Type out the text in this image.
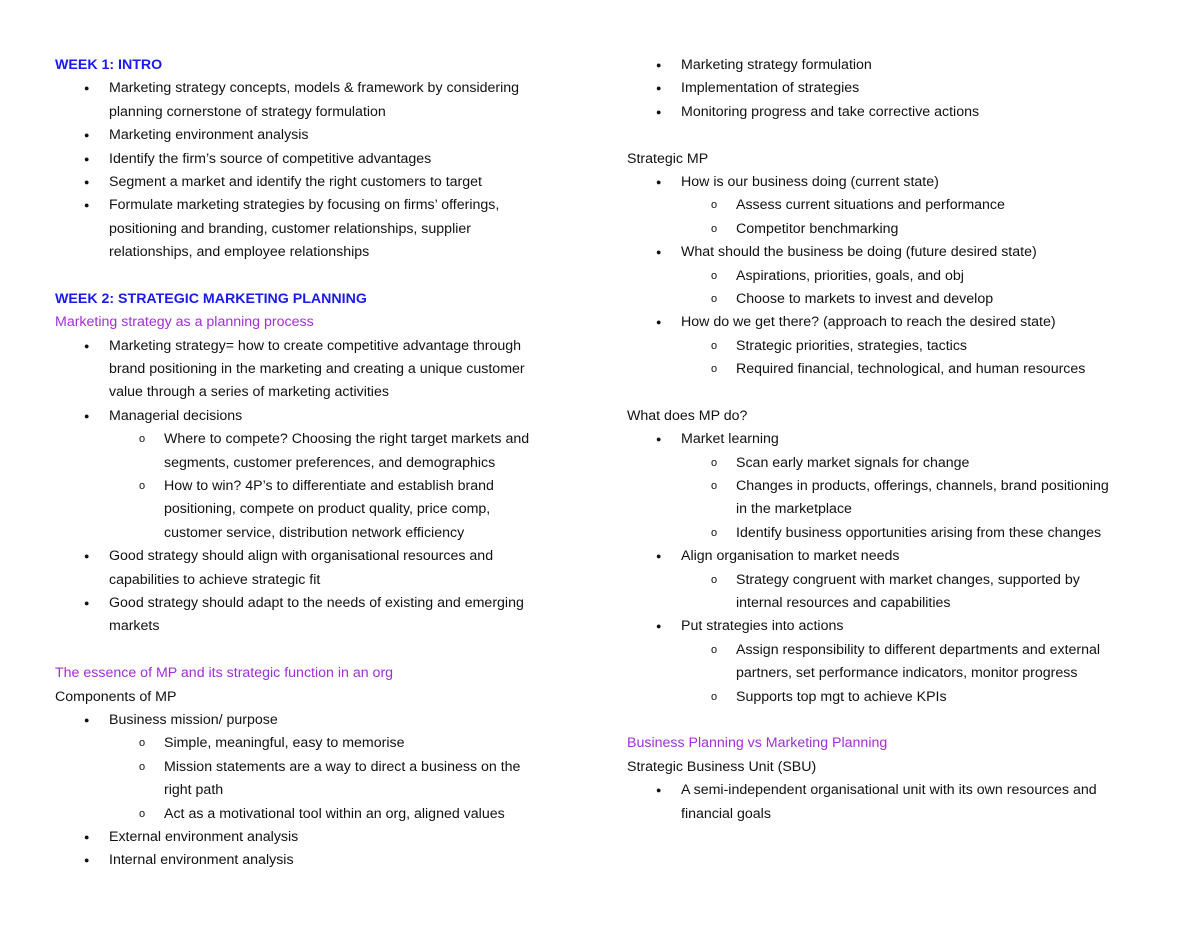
WEEK 1: INTRO
● Marketing strategy concepts, models & framework by considering
planning cornerstone of strategy formulation
● Marketing environment analysis
● Identify the firm’s source of competitive advantages
● Segment a market and identify the right customers to target
● Formulate marketing strategies by focusing on firms’ offerings,
positioning and branding, customer relationships, supplier
relationships, and employee relationships
WEEK 2: STRATEGIC MARKETING PLANNING
Marketing strategy as a planning process
● Marketing strategy= how to create competitive advantage through
brand positioning in the marketing and creating a unique customer
value through a series of marketing activities
● Managerial decisions
o Where to compete? Choosing the right target markets and
segments, customer preferences, and demographics
o How to win? 4P’s to differentiate and establish brand
positioning, compete on product quality, price comp,
customer service, distribution network efficiency
● Good strategy should align with organisational resources and
capabilities to achieve strategic fit
● Good strategy should adapt to the needs of existing and emerging
markets
The essence of MP and its strategic function in an org
Components of MP
● Business mission/ purpose
o Simple, meaningful, easy to memorise
o Mission statements are a way to direct a business on the
right path
o Act as a motivational tool within an org, aligned values
● External environment analysis
● Internal environment analysis
● Marketing strategy formulation
● Implementation of strategies
● Monitoring progress and take corrective actions
Strategic MP
● How is our business doing (current state)
o Assess current situations and performance
o Competitor benchmarking
● What should the business be doing (future desired state)
o Aspirations, priorities, goals, and obj
o Choose to markets to invest and develop
● How do we get there? (approach to reach the desired state)
o Strategic priorities, strategies, tactics
o Required financial, technological, and human resources
What does MP do?
● Market learning
o Scan early market signals for change
o Changes in products, offerings, channels, brand positioning
in the marketplace
o Identify business opportunities arising from these changes
● Align organisation to market needs
o Strategy congruent with market changes, supported by
internal resources and capabilities
● Put strategies into actions
o Assign responsibility to different departments and external
partners, set performance indicators, monitor progress
o Supports top mgt to achieve KPIs
Business Planning vs Marketing Planning
Strategic Business Unit (SBU)
● A semi-independent organisational unit with its own resources and
financial goals
